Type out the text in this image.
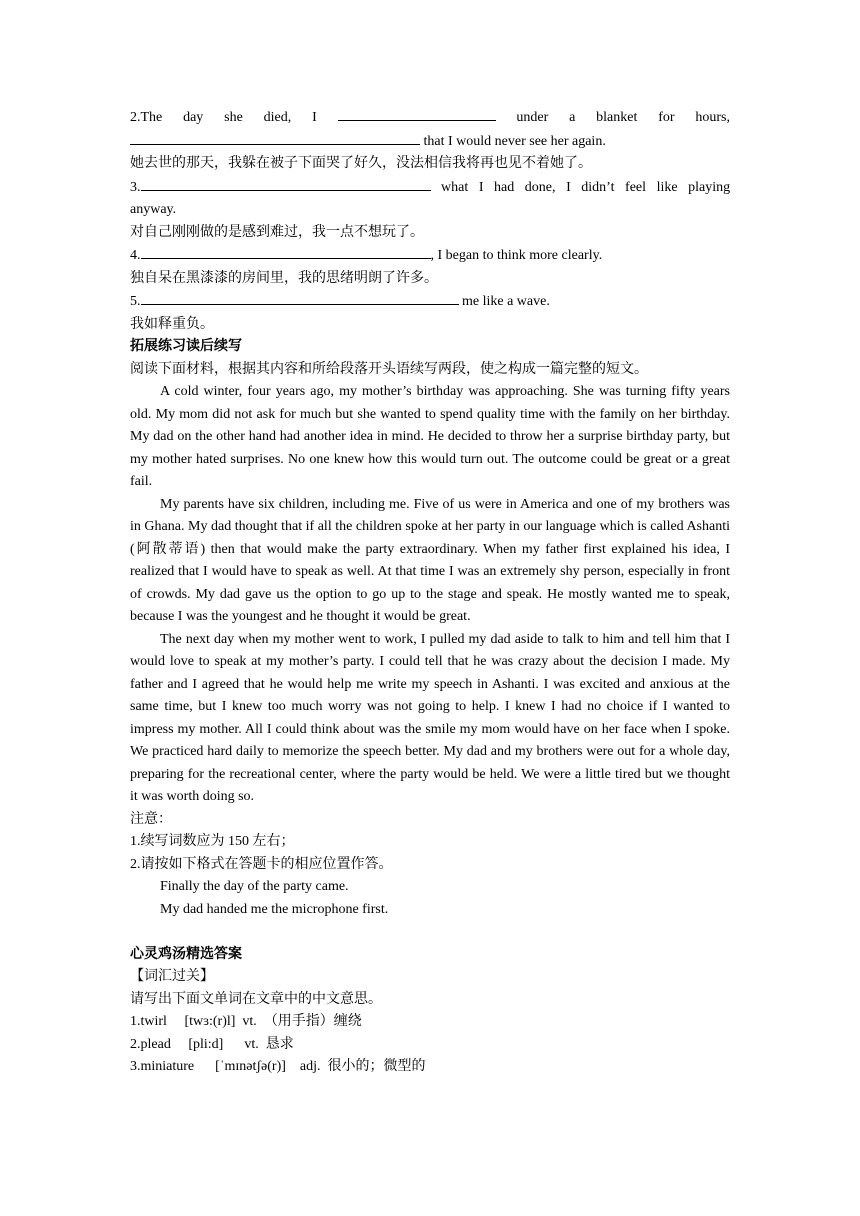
2.The day she died, I	under a blanket for hours,

that I would never see her again.

她去世的那天，我躲在被子下面哭了好久，没法相信我将再也见不着她了。

3.	what I had done, I didn’t feel like playing

anyway.

对自己刚刚做的是感到难过，我一点不想玩了。

4.	, I began to think more clearly.

独自呆在黑漆漆的房间里，我的思绪明朗了许多。

5.	me like a wave.

我如释重负。

拓展练习读后续写

阅读下面材料，根据其内容和所给段落开头语续写两段，使之构成一篇完整的短文。

A cold winter, four years ago, my mother’s birthday was approaching. She was turning fifty years old. My mom did not ask for much but she wanted to spend quality time with the family on her birthday. My dad on the other hand had another idea in mind. He decided to throw her a surprise birthday party, but my mother hated surprises. No one knew how this would turn out. The outcome could be great or a great fail.

My parents have six children, including me. Five of us were in America and one of my brothers was in Ghana. My dad thought that if all the children spoke at her party in our language which is called Ashanti (阿散蒂语) then that would make the party extraordinary. When my father first explained his idea, I realized that I would have to speak as well. At that time I was an extremely shy person, especially in front of crowds. My dad gave us the option to go up to the stage and speak. He mostly wanted me to speak, because I was the youngest and he thought it would be great.

The next day when my mother went to work, I pulled my dad aside to talk to him and tell him that I would love to speak at my mother’s party. I could tell that he was crazy about the decision I made. My father and I agreed that he would help me write my speech in Ashanti. I was excited and anxious at the same time, but I knew too much worry was not going to help. I knew I had no choice if I wanted to impress my mother. All I could think about was the smile my mom would have on her face when I spoke. We practiced hard daily to memorize the speech better. My dad and my brothers were out for a whole day, preparing for the recreational center, where the party would be held. We were a little tired but we thought it was worth doing so.

注意：

1.续写词数应为 150 左右；

2.请按如下格式在答题卡的相应位置作答。

Finally the day of the party came.

My dad handed me the microphone first.

心灵鸡汤精选答案

【词汇过关】

请写出下面文单词在文章中的中文意思。

1.twirl [twɜ:(r)l] vt. （用手指）缠绕

2.plead [pli:d] vt. 恳求

3.miniature [ˈmɪnətʃə(r)] adj. 很小的；微型的
